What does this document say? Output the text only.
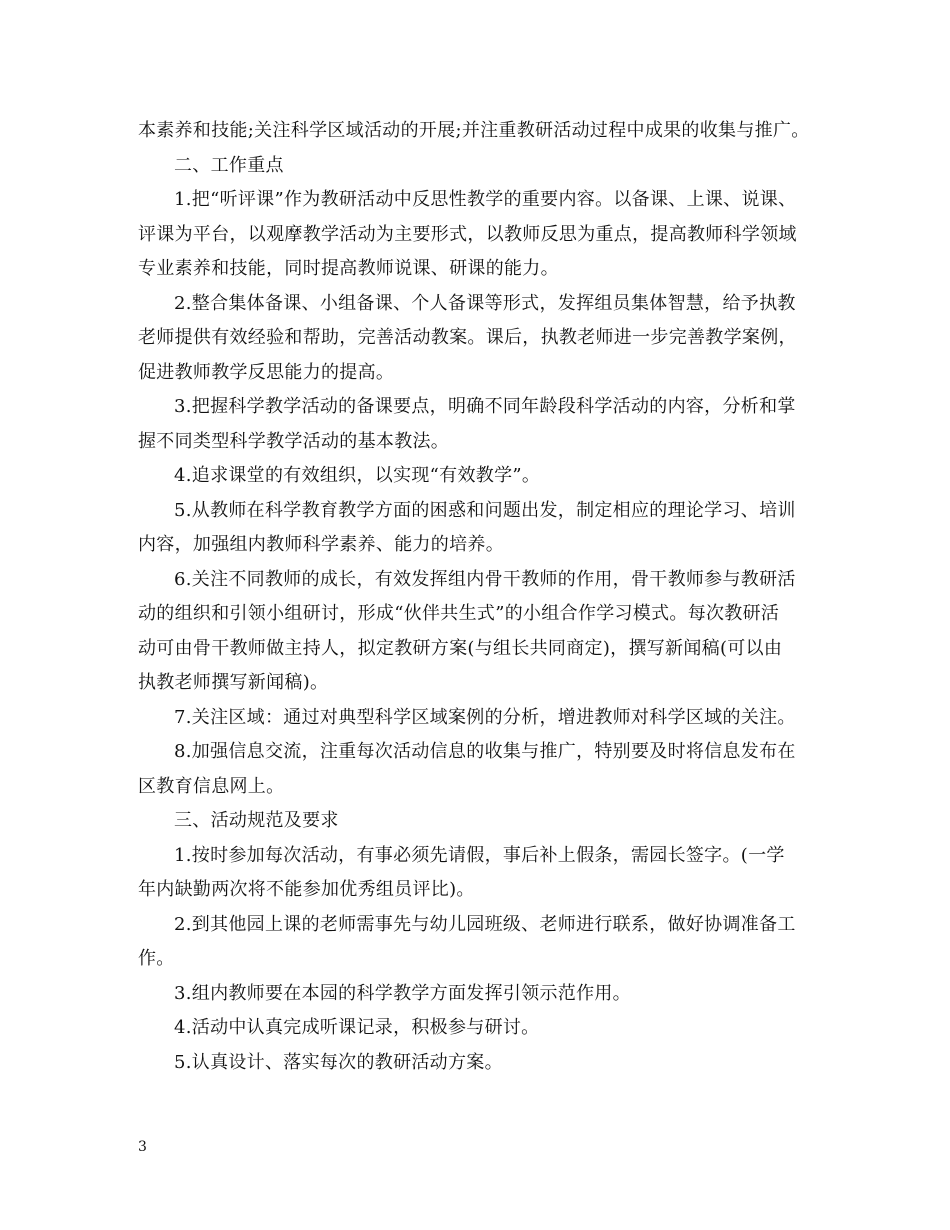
本素养和技能;关注科学区域活动的开展;并注重教研活动过程中成果的收集与推广。
二、工作重点
1.把“听评课”作为教研活动中反思性教学的重要内容。以备课、上课、说课、
评课为平台，以观摩教学活动为主要形式，以教师反思为重点，提高教师科学领域
专业素养和技能，同时提高教师说课、研课的能力。
2.整合集体备课、小组备课、个人备课等形式，发挥组员集体智慧，给予执教
老师提供有效经验和帮助，完善活动教案。课后，执教老师进一步完善教学案例，
促进教师教学反思能力的提高。
3.把握科学教学活动的备课要点，明确不同年龄段科学活动的内容，分析和掌
握不同类型科学教学活动的基本教法。
4.追求课堂的有效组织，以实现“有效教学”。
5.从教师在科学教育教学方面的困惑和问题出发，制定相应的理论学习、培训
内容，加强组内教师科学素养、能力的培养。
6.关注不同教师的成长，有效发挥组内骨干教师的作用，骨干教师参与教研活
动的组织和引领小组研讨，形成“伙伴共生式”的小组合作学习模式。每次教研活
动可由骨干教师做主持人，拟定教研方案(与组长共同商定)，撰写新闻稿(可以由
执教老师撰写新闻稿)。
7.关注区域：通过对典型科学区域案例的分析，增进教师对科学区域的关注。
8.加强信息交流，注重每次活动信息的收集与推广，特别要及时将信息发布在
区教育信息网上。
三、活动规范及要求
1.按时参加每次活动，有事必须先请假，事后补上假条，需园长签字。(一学
年内缺勤两次将不能参加优秀组员评比)。
2.到其他园上课的老师需事先与幼儿园班级、老师进行联系，做好协调准备工
作。
3.组内教师要在本园的科学教学方面发挥引领示范作用。
4.活动中认真完成听课记录，积极参与研讨。
5.认真设计、落实每次的教研活动方案。
3
